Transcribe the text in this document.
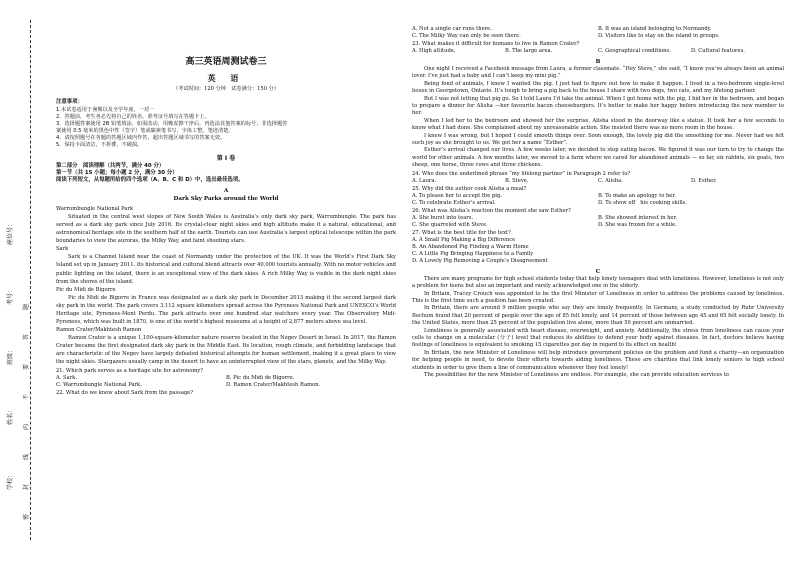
学校：
姓名：
班级：
考号：
座位号：
密
封
线
内
不
要
答
题
高三英语周测试卷三
英 语
（考试时间：120 分钟　试卷满分：150 分）
注意事项：

1.本试卷适用于暑期以及全学年度，一对一

2．答题前，考生务必先将自己的姓名、准考证号填写在答题卡上。

3．选择题答案使用 2B 铅笔填涂，如需改动，用橡皮擦干净后，再选涂其他答案的标号；非选择题答

案使用 0.5 毫米的黑色中性（签字）笔或碳素笔书写，字体工整，笔迹清楚。

4．请按照题号在各题的答题区域内作答，超出答题区域书写的答案无效。

5．保持卡面清洁，不折叠，不破损。

第 I 卷

第二部分　阅读理解（共两节，满分 40 分）

第一节（共 15 小题；每小题 2 分，满分 30 分）

阅读下列短文，从每题所给的四个选项（A、B、C 和 D）中，选出最佳选项。

A
Dark Sky Parks around the World

Warrumbungle National Park

Situated in the central west slopes of New South Wales is Australia’s only dark sky park, Warrumbungle. The park has served as a dark sky park since July 2016. Its crystal-clear night skies and high altitude make it a natural, educational, and astronomical heritage site in the southern half of the earth. Tourists can use Australia’s largest optical telescope within the park boundaries to view the auroras, the Milky Way, and faint shooting stars.

Sark

Sark is a Channel Island near the coast of Normandy under the protection of the UK. It was the World’s First Dark Sky Island set up in January 2011. Its historical and cultural blend attracts over 40,000 tourists annually. With no motor vehicles and public lighting on the island, there is an exceptional view of the dark skies. A rich Milky Way is visible in the dark night skies from the shores of the island.

Pic du Midi de Bigorre

Pic du Midi de Bigorre in France was designated as a dark sky park in December 2013 making it the second largest dark sky park in the world. The park covers 3,112 square kilometers spread across the Pyrenees National Park and UNESCO’s World Heritage site, Pyrenees-Mont Perdu. The park attracts over one hundred star watchers every year. The Observatory Midi-Pyrenees, which was built in 1870, is one of the world’s highest museums at a height of 2,877 meters above sea level.

Ramon Crater/Makhtesh Ramon

Ramon Crater is a unique 1,100-square-kilometer nature reserve located in the Negev Desert in Israel. In 2017, the Ramon Crater became the first designated dark sky park in the Middle East. Its location, rough climate, and forbidding landscape that are characteristic of the Negev have largely defeated historical attempts for human settlement, making it a great place to view the night skies. Stargazers usually camp in the desert to have an uninterrupted view of the stars, planets, and the Milky Way.

21. Which park serves as a heritage site for astronomy?

A. Sark.	B. Pic du Midi de Bigorre.
C. Warrumbungle National Park.	D. Ramon Crater/Makhtesh Ramon.

22. What do we know about Sark from the passage?

A. Not a single car runs there.	B. It was an island belonging to Normandy.
C. The Milky Way can only be seen there.	D. Visitors like to stay on the island in groups.

23. What makes it difficult for humans to live in Ramon Crater?

A. High altitude.	B. The large area.	C. Geographical conditions.	D. Cultural features.
B

One night I received a Facebook message from Laura, a former classmate. “Hey Steve,” she said, “I know you’ve always been an animal lover. I’ve just had a baby and I can’t keep my mini pig.”

Being fond of animals, I knew I wanted the pig. I just had to figure out how to make it happen. I lived in a two-bedroom single-level house in Georgetown, Ontario. It’s tough to bring a pig back to the house I share with two dogs, two cats, and my lifelong partner.

But I was not letting that pig go. So I told Laura I’d take the animal. When I got home with the pig, I hid her in the bedroom, and began to prepare a dinner for Alisha —her favourite bacon cheeseburgers. It’s better to make her happy before introducing the new member to her.

When I led her to the bedroom and showed her the surprise, Alisha stood in the doorway like a statue. It took her a few seconds to know what I had done. She complained about my unreasonable action. She insisted there was no more room in the house.

I knew I was wrong, but I hoped I could smooth things over. Soon enough, the lovely pig did the smoothing for me. Never had we felt such joy as she brought to us. We got her a name “Esther”.

Esther’s arrival changed our lives. A few weeks later, we decided to stop eating bacon. We figured it was our turn to try to change the world for other animals. A few months later, we moved to a farm where we cared for abandoned animals — so far, six rabbits, six goats, two sheep, one horse, three cows and three chickens.

24. Who does the underlined phrase “my lifelong partner” in Paragraph 2 refer to?

A. Laura.	B. Steve.	C. Alisha.	D. Esther.

25. Why did the author cook Alisha a meal?

A. To please her to accept the pig.	B. To make an apology to her.
C. To celebrate Esther’s arrival.	D. To show off　his cooking skills.

26. What was Alisha’s reaction the moment she saw Esther?

A. She burst into tears.	B. She showed interest in her.
C. She quarreled with Steve.	D. She was frozen for a while.

27. What is the best title for the text?

A. A Small Pig Making a Big Difference
B. An Abandoned Pig Finding a Warm Home
C. A Little Pig Bringing Happiness to a Family
D. A Lovely Pig Removing a Couple’s Disagreement
C

There are many programs for high school students today that help lonely teenagers deal with loneliness. However, loneliness is not only a problem for teens but also an important and rarely acknowledged one in the elderly.

In Britain, Tracey Crouch was appointed to be the first Minister of Loneliness in order to address the problems caused by loneliness. This is the first time such a position has been created.

In Britain, there are around 9 million people who say they are lonely frequently. In Germany, a study conducted by Ruhr University Bochum found that 20 percent of people over the age of 85 felt lonely, and 14 percent of those between age 45 and 65 felt socially lonely. In the United States, more than 25 percent of the population live alone, more than 50 percent are unmarried.

Loneliness is generally associated with heart disease, overweight, and anxiety. Additionally, the stress from loneliness can cause your cells to change on a molecular (分子) level that reduces its abilities to defend your body against diseases. In fact, doctors believe having feelings of loneliness is equivalent to smoking 15 cigarettes per day in regard to its effect on health!

In Britain, the new Minister of Loneliness will help introduce government policies on the problem and fund a charity—an organization for helping people in need, to devote their efforts towards aiding loneliness. These are charities that link lonely seniors to high school students in order to give them a line of communication whenever they feel lonely!

The possibilities for the new Minister of Loneliness are endless. For example, she can provide education services to
